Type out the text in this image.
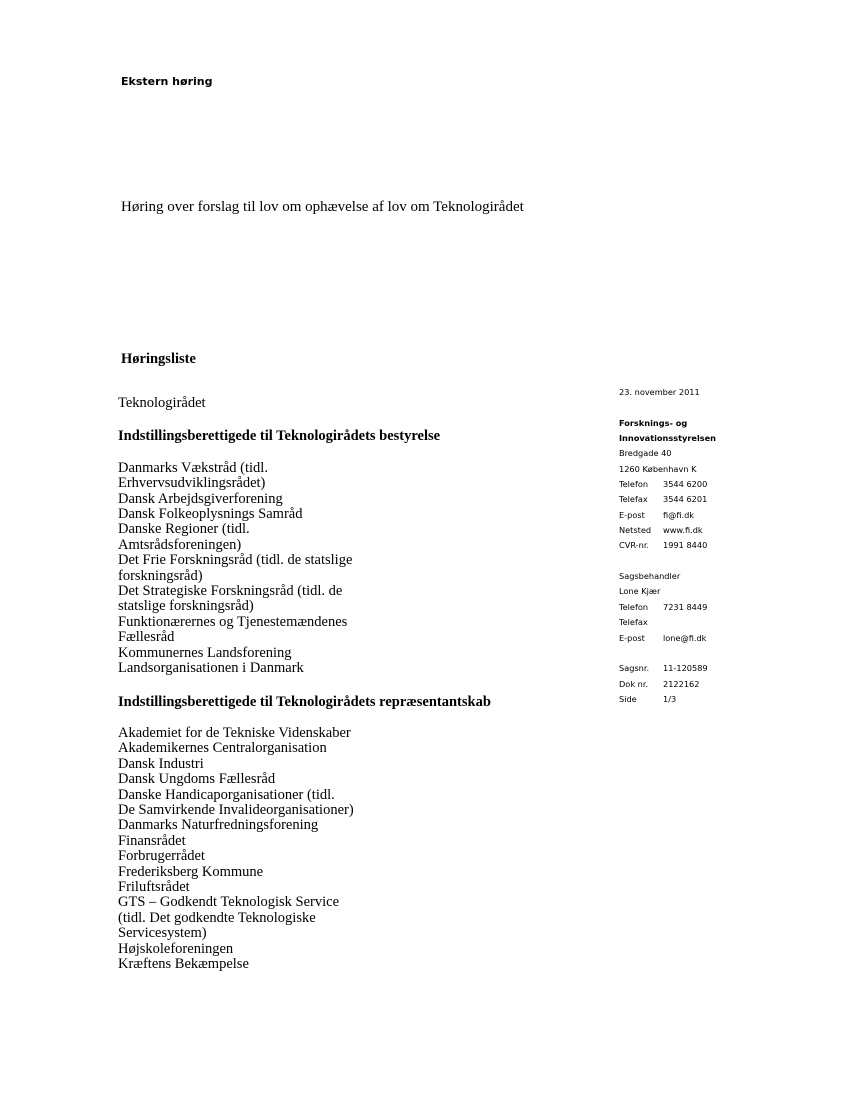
Ekstern høring
Høring over forslag til lov om ophævelse af lov om Teknologirådet
Høringsliste
Teknologirådet
Indstillingsberettigede til Teknologirådets bestyrelse
Danmarks Vækstråd (tidl.
Erhvervsudviklingsrådet)
Dansk Arbejdsgiverforening
Dansk Folkeoplysnings Samråd
Danske Regioner (tidl.
Amtsrådsforeningen)
Det Frie Forskningsråd (tidl. de statslige
forskningsråd)
Det Strategiske Forskningsråd (tidl. de
statslige forskningsråd)
Funktionærernes og Tjenestemændenes
Fællesråd
Kommunernes Landsforening
Landsorganisationen i Danmark
Indstillingsberettigede til Teknologirådets repræsentantskab
Akademiet for de Tekniske Videnskaber
Akademikernes Centralorganisation
Dansk Industri
Dansk Ungdoms Fællesråd
Danske Handicaporganisationer (tidl.
De Samvirkende Invalideorganisationer)
Danmarks Naturfredningsforening
Finansrådet
Forbrugerrådet
Frederiksberg Kommune
Friluftsrådet
GTS – Godkendt Teknologisk Service
(tidl. Det godkendte Teknologiske
Servicesystem)
Højskoleforeningen
Kræftens Bekæmpelse
23. november 2011
Forsknings- og
Innovationsstyrelsen
Bredgade 40
1260 København K
Telefon 3544 6200
Telefax 3544 6201
E-post fi@fi.dk
Netsted www.fi.dk
CVR-nr. 1991 8440
Sagsbehandler
Lone Kjær
Telefon 7231 8449
Telefax
E-post lone@fi.dk
Sagsnr. 11-120589
Dok nr. 2122162
Side	1/3
